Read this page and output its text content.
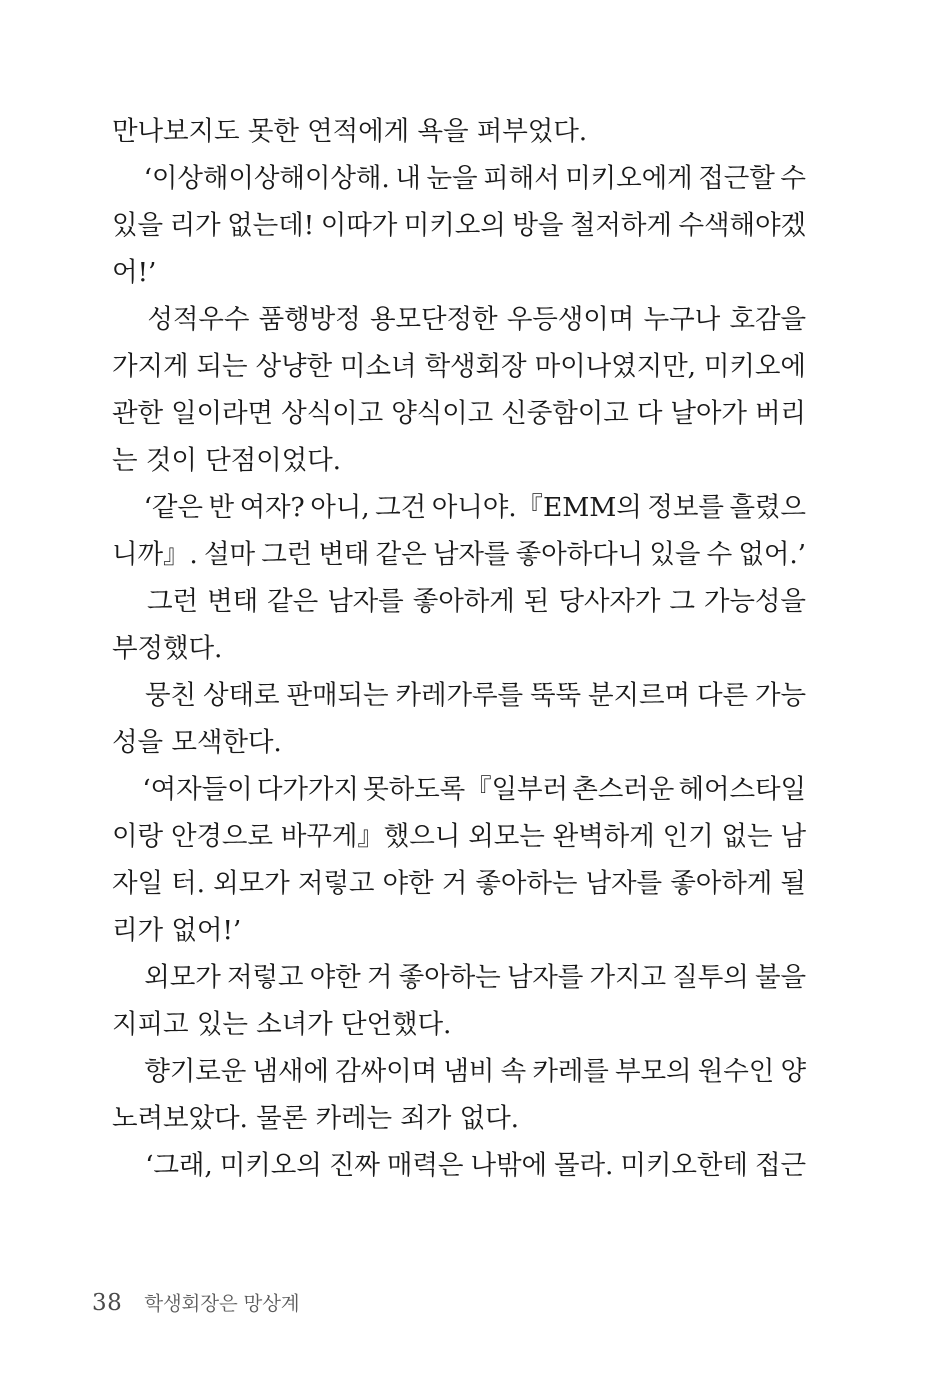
만나보지도 못한 연적에게 욕을 퍼부었다.
‘이상해이상해이상해. 내 눈을 피해서 미키오에게 접근할 수
있을 리가 없는데! 이따가 미키오의 방을 철저하게 수색해야겠
어!’
성적우수 품행방정 용모단정한 우등생이며 누구나 호감을
가지게 되는 상냥한 미소녀 학생회장 마이나였지만, 미키오에
관한 일이라면 상식이고 양식이고 신중함이고 다 날아가 버리
는 것이 단점이었다.
‘같은 반 여자? 아니, 그건 아니야.『EMM의 정보를 흘렸으
니까』. 설마 그런 변태 같은 남자를 좋아하다니 있을 수 없어.’
그런 변태 같은 남자를 좋아하게 된 당사자가 그 가능성을
부정했다.
뭉친 상태로 판매되는 카레가루를 뚝뚝 분지르며 다른 가능
성을 모색한다.
‘여자들이 다가가지 못하도록『일부러 촌스러운 헤어스타일
이랑 안경으로 바꾸게』했으니 외모는 완벽하게 인기 없는 남
자일 터. 외모가 저렇고 야한 거 좋아하는 남자를 좋아하게 될
리가 없어!’
외모가 저렇고 야한 거 좋아하는 남자를 가지고 질투의 불을
지피고 있는 소녀가 단언했다.
향기로운 냄새에 감싸이며 냄비 속 카레를 부모의 원수인 양
노려보았다. 물론 카레는 죄가 없다.
‘그래, 미키오의 진짜 매력은 나밖에 몰라. 미키오한테 접근
38 학생회장은 망상계
